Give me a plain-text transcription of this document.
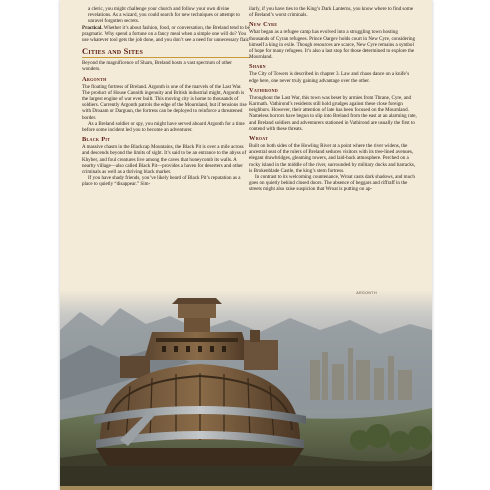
a cleric, you might challenge your church and follow your own divine revelations. As a wizard, you could search for new techniques or attempt to unravel forgotten secrets.

Practical. Whether it’s about fashion, food, or conversation, the Breland tend to be pragmatic. Why spend a fortune on a fancy meal when a simple one will do? You use whatever tool gets the job done, and you don’t see a need for unnecessary flair.

Cities and Sites

Beyond the magnificence of Sharn, Breland hosts a vast spectrum of other wonders.

Argonth

The floating fortress of Breland. Argonth is one of the marvels of the Last War. The product of House Cannith ingenuity and British industrial might, Argonth is the largest engine of war ever built. This moving city is home to thousands of soldiers. Currently Argonth patrols the edge of the Mournland, but if tensions rise with Droaam or Darguun, the fortress can be deployed to reinforce a threatened border.

As a Breland soldier or spy, you might have served aboard Argonth for a time before some incident led you to become an adventurer.

Black Pit

A massive chasm in the Blackcap Mountains, the Black Pit is over a mile across and descends beyond the limits of sight. It’s said to be an entrance to the abyss of Khyber, and foul creatures live among the caves that honeycomb its walls. A nearby village—also called Black Pit—provides a haven for deserters and other criminals as well as a thriving black market.

If you have shady friends, you’ve likely heard of Black Pit’s reputation as a place to quietly “disappear.” Sim-

ilarly, if you have ties to the King’s Dark Lanterns, you know where to find some of Breland’s worst criminals.

New Cyre

What began as a refugee camp has evolved into a struggling town hosting thousands of Cyran refugees. Prince Oargev holds court in New Cyre, considering himself a king in exile. Though resources are scarce, New Cyre remains a symbol of hope for many refugees. It’s also a last stop for those determined to explore the Mournland.

Sharn

The City of Towers is described in chapter 3. Law and chaos dance on a knife’s edge here, one never truly gaining advantage over the other.

Vathirond

Throughout the Last War, this town was beset by armies from Thrane, Cyre, and Karrnath. Vathirond’s residents still hold grudges against these close foreign neighbors. However, their attention of late has been focused on the Mournland. Nameless horrors have begun to slip into Breland from the east at an alarming rate, and Breland soldiers and adventurers stationed in Vathirond are usually the first to contend with these threats.

Wroat

Built on both sides of the Howling River at a point where the river widens, the ancestral seat of the rulers of Breland seduces visitors with its tree-lined avenues, elegant drawbridges, gleaming towers, and laid-back atmosphere. Perched on a rocky island in the middle of the river, surrounded by military docks and barracks, is Brokenblade Castle, the king’s stern fortress.

In contrast to its welcoming countenance, Wroat casts dark shadows, and much goes on quietly behind closed doors. The absence of beggars and riffraff in the streets might also raise suspicion that Wroat is putting on ap-

ARGONTH
